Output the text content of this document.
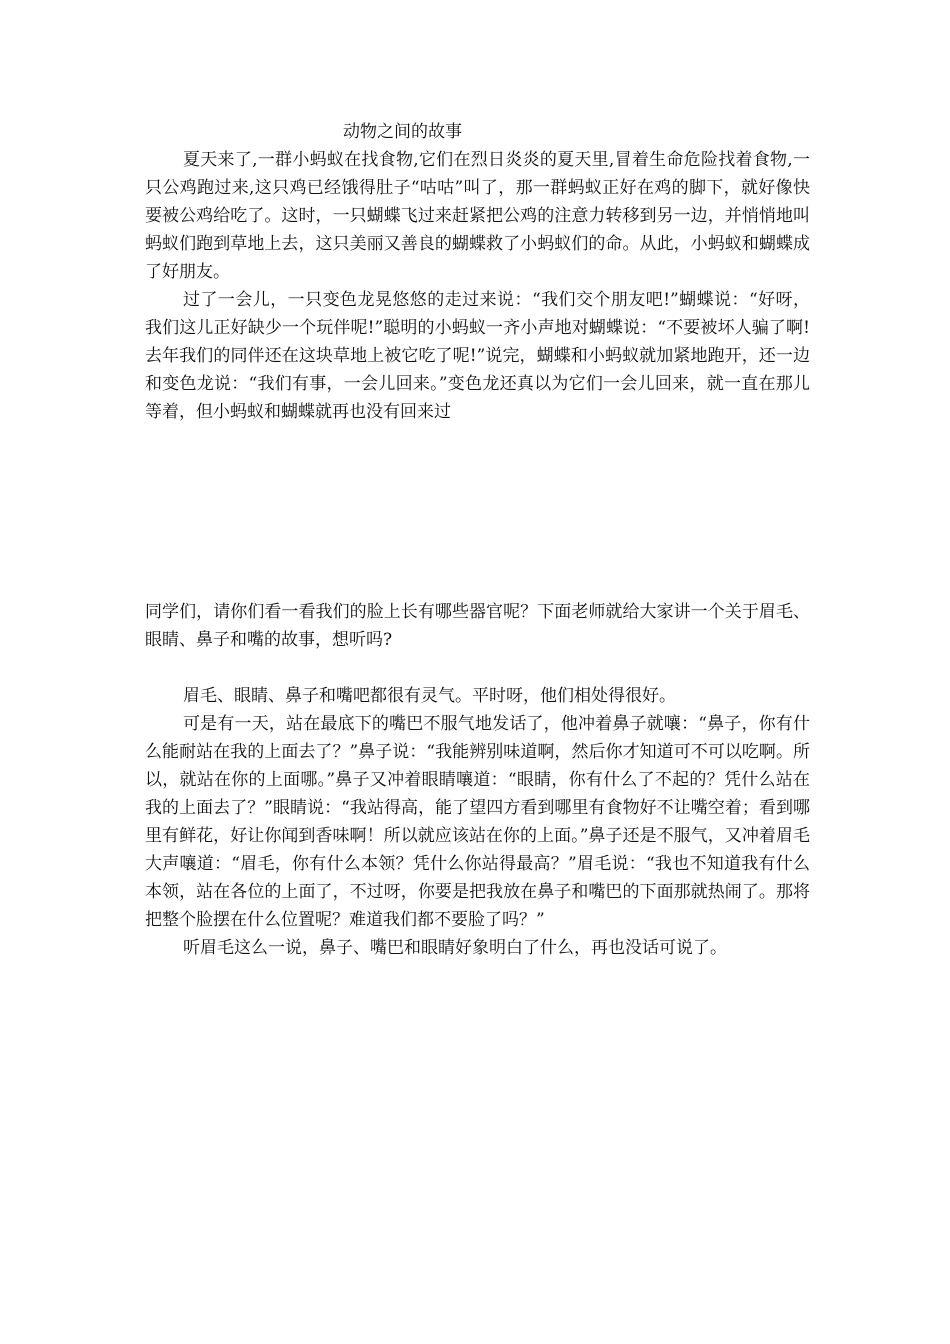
动物之间的故事

夏天来了,一群小蚂蚁在找食物,它们在烈日炎炎的夏天里,冒着生命危险找着食物,一只公鸡跑过来,这只鸡已经饿得肚子“咕咕”叫了，那一群蚂蚁正好在鸡的脚下，就好像快要被公鸡给吃了。这时，一只蝴蝶飞过来赶紧把公鸡的注意力转移到另一边，并悄悄地叫蚂蚁们跑到草地上去，这只美丽又善良的蝴蝶救了小蚂蚁们的命。从此，小蚂蚁和蝴蝶成了好朋友。

过了一会儿，一只变色龙晃悠悠的走过来说：“我们交个朋友吧!”蝴蝶说：“好呀，我们这儿正好缺少一个玩伴呢!”聪明的小蚂蚁一齐小声地对蝴蝶说：“不要被坏人骗了啊!去年我们的同伴还在这块草地上被它吃了呢!”说完，蝴蝶和小蚂蚁就加紧地跑开，还一边和变色龙说：“我们有事，一会儿回来。”变色龙还真以为它们一会儿回来，就一直在那儿等着，但小蚂蚁和蝴蝶就再也没有回来过

同学们，请你们看一看我们的脸上长有哪些器官呢？下面老师就给大家讲一个关于眉毛、眼睛、鼻子和嘴的故事，想听吗?

眉毛、眼睛、鼻子和嘴吧都很有灵气。平时呀，他们相处得很好。

可是有一天，站在最底下的嘴巴不服气地发话了，他冲着鼻子就嚷：“鼻子，你有什么能耐站在我的上面去了？”鼻子说：“我能辨别味道啊，然后你才知道可不可以吃啊。所以，就站在你的上面哪。”鼻子又冲着眼睛嚷道：“眼睛，你有什么了不起的？凭什么站在我的上面去了？”眼睛说：“我站得高，能了望四方看到哪里有食物好不让嘴空着；看到哪里有鲜花，好让你闻到香味啊！所以就应该站在你的上面。”鼻子还是不服气，又冲着眉毛大声嚷道：“眉毛，你有什么本领？凭什么你站得最高？”眉毛说：“我也不知道我有什么本领，站在各位的上面了，不过呀，你要是把我放在鼻子和嘴巴的下面那就热闹了。那将把整个脸摆在什么位置呢？难道我们都不要脸了吗？”

听眉毛这么一说，鼻子、嘴巴和眼睛好象明白了什么，再也没话可说了。
